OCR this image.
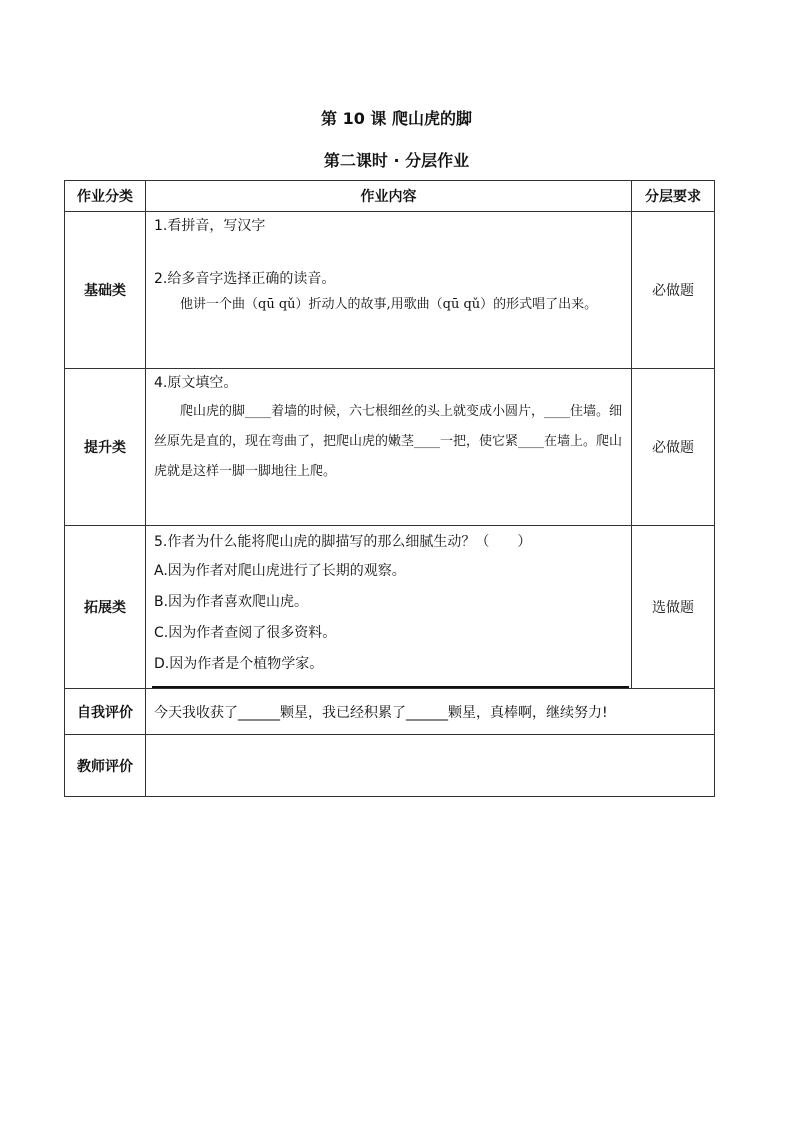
第 10 课 爬山虎的脚
第二课时 · 分层作业
作业分类	作业内容	分层要求
基础类	1.看拼音，写汉字

2.给多音字选择正确的读音。

他讲一个曲（qū qǔ）折动人的故事,用歌曲（qū qǔ）的形式唱了出来。	必做题
提升类	4.原文填空。

爬山虎的脚____着墙的时候，六七根细丝的头上就变成小圆片，____住墙。细丝原先是直的，现在弯曲了，把爬山虎的嫩茎____一把，使它紧____在墙上。爬山虎就是这样一脚一脚地往上爬。	必做题
拓展类	5.作者为什么能将爬山虎的脚描写的那么细腻生动？（　　）

A.因为作者对爬山虎进行了长期的观察。

B.因为作者喜欢爬山虎。

C.因为作者查阅了很多资料。

D.因为作者是个植物学家。	选做题
自我评价	今天我收获了______颗星，我已经积累了______颗星，真棒啊，继续努力!	
教师评价		
